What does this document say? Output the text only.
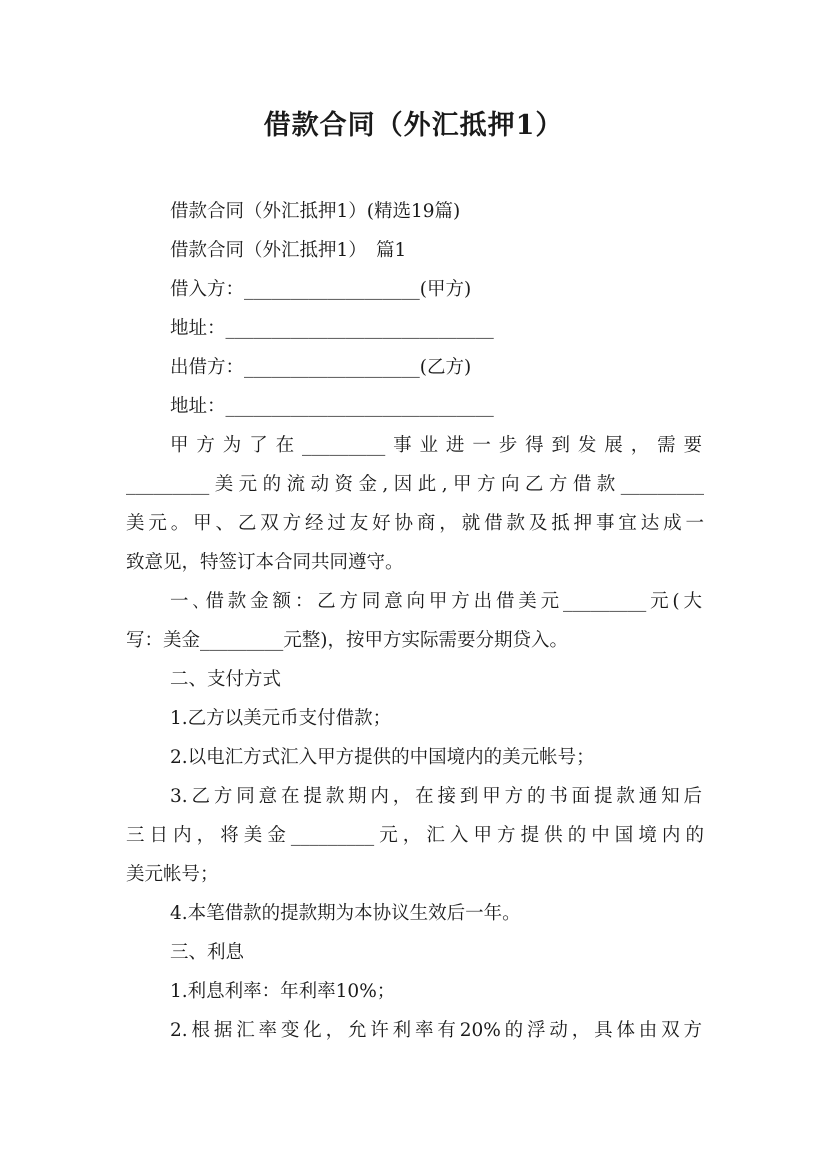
借款合同（外汇抵押1）
借款合同（外汇抵押1）(精选19篇)
借款合同（外汇抵押1）　篇1
借入方：___________________(甲方)
地址：_____________________________
出借方：___________________(乙方)
地址：_____________________________
甲方为了在_________事业进一步得到发展，需要
_________美元的流动资金,因此,甲方向乙方借款_________
美元。甲、乙双方经过友好协商，就借款及抵押事宜达成一
致意见，特签订本合同共同遵守。
一､借款金额：乙方同意向甲方出借美元_________元(大
写：美金_________元整)，按甲方实际需要分期贷入。
二、支付方式
1.乙方以美元币支付借款；
2.以电汇方式汇入甲方提供的中国境内的美元帐号；
3.乙方同意在提款期内，在接到甲方的书面提款通知后
三日内，将美金_________元，汇入甲方提供的中国境内的
美元帐号；
4.本笔借款的提款期为本协议生效后一年。
三、利息
1.利息利率：年利率10%；
2.根据汇率变化，允许利率有20%的浮动，具体由双方
